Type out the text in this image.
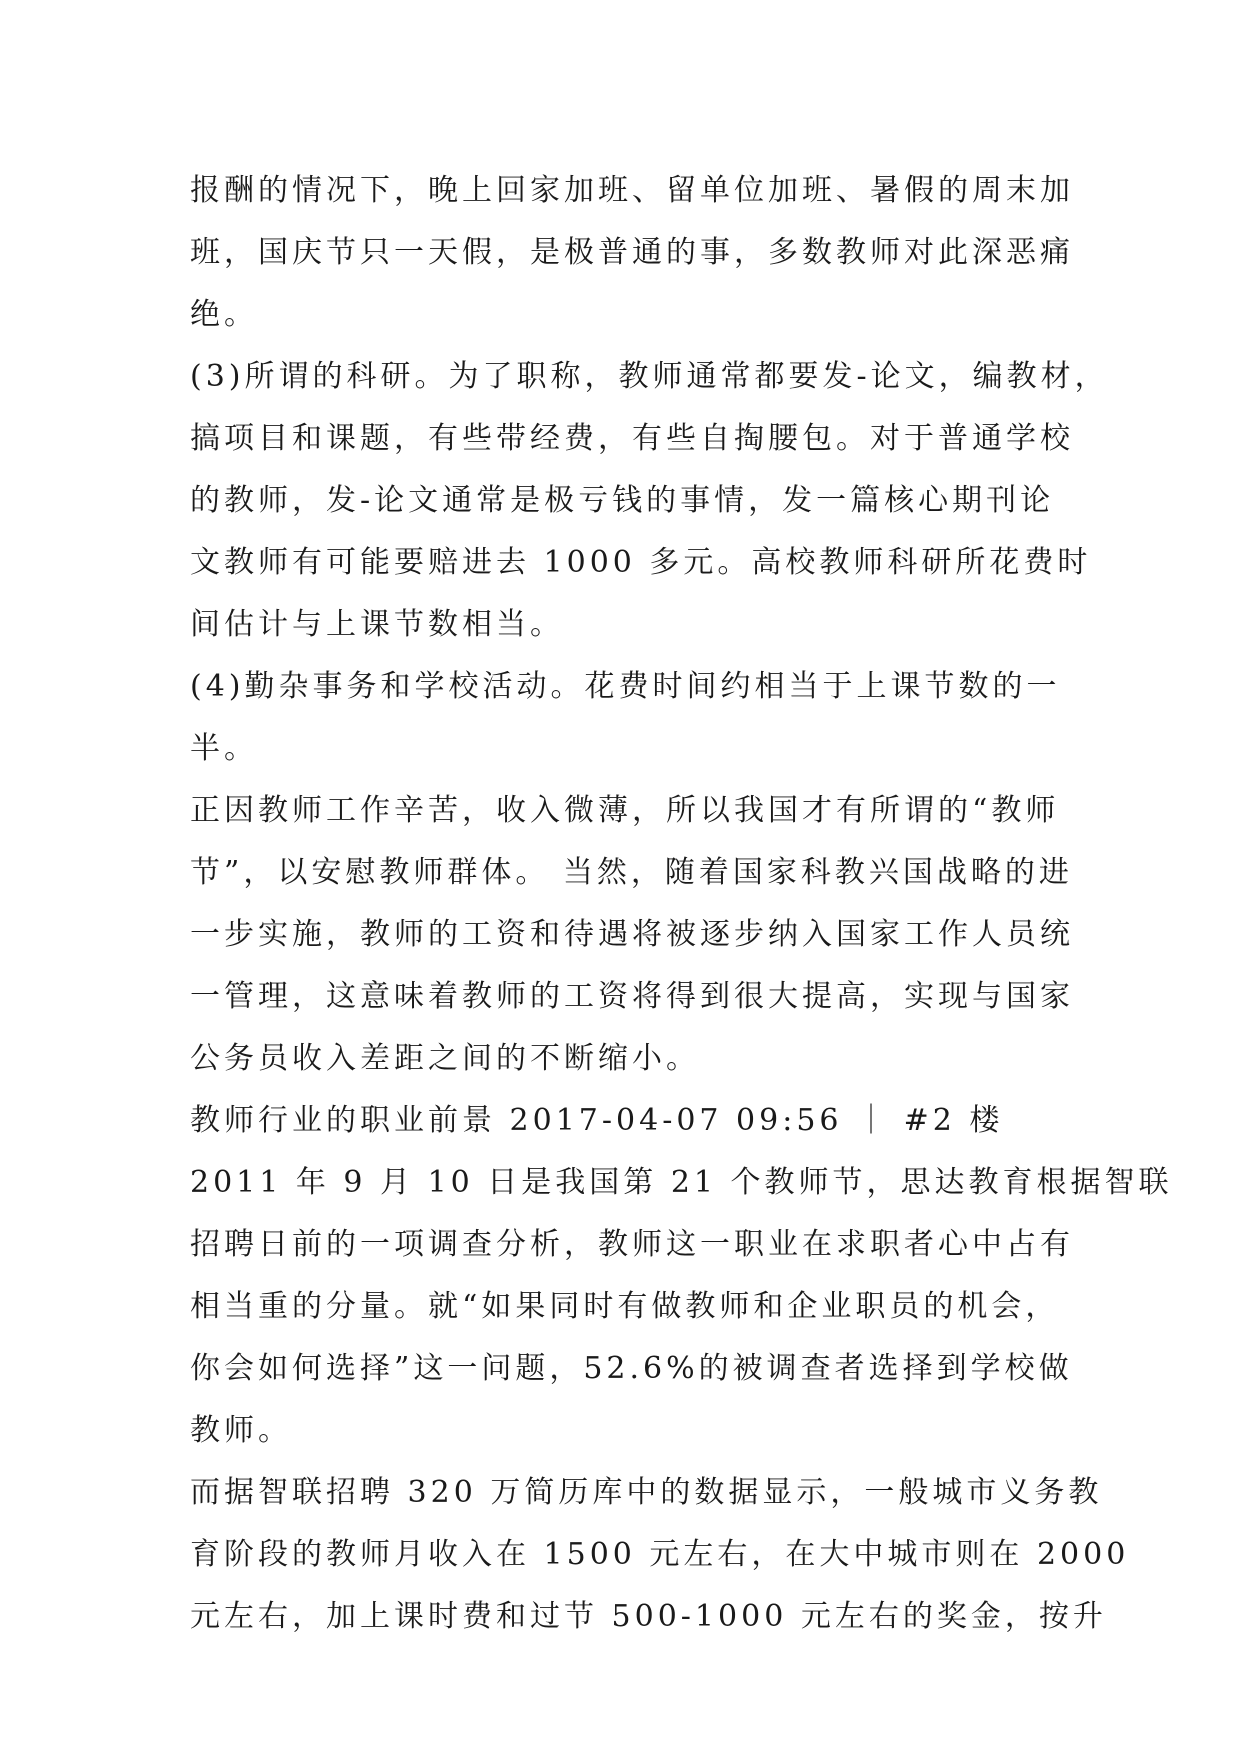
报酬的情况下，晚上回家加班、留单位加班、暑假的周末加
班，国庆节只一天假，是极普通的事，多数教师对此深恶痛
绝。
(3)所谓的科研。为了职称，教师通常都要发-论文，编教材，
搞项目和课题，有些带经费，有些自掏腰包。对于普通学校
的教师，发-论文通常是极亏钱的事情，发一篇核心期刊论
文教师有可能要赔进去 1000 多元。高校教师科研所花费时
间估计与上课节数相当。
(4)勤杂事务和学校活动。花费时间约相当于上课节数的一
半。
正因教师工作辛苦，收入微薄，所以我国才有所谓的“教师
节”，以安慰教师群体。 当然，随着国家科教兴国战略的进
一步实施，教师的工资和待遇将被逐步纳入国家工作人员统
一管理，这意味着教师的工资将得到很大提高，实现与国家
公务员收入差距之间的不断缩小。
教师行业的职业前景 2017-04-07 09:56 ｜ #2 楼
2011 年 9 月 10 日是我国第 21 个教师节，思达教育根据智联
招聘日前的一项调查分析，教师这一职业在求职者心中占有
相当重的分量。就“如果同时有做教师和企业职员的机会，
你会如何选择”这一问题，52.6%的被调查者选择到学校做
教师。
而据智联招聘 320 万简历库中的数据显示，一般城市义务教
育阶段的教师月收入在 1500 元左右，在大中城市则在 2000
元左右，加上课时费和过节 500-1000 元左右的奖金，按升
